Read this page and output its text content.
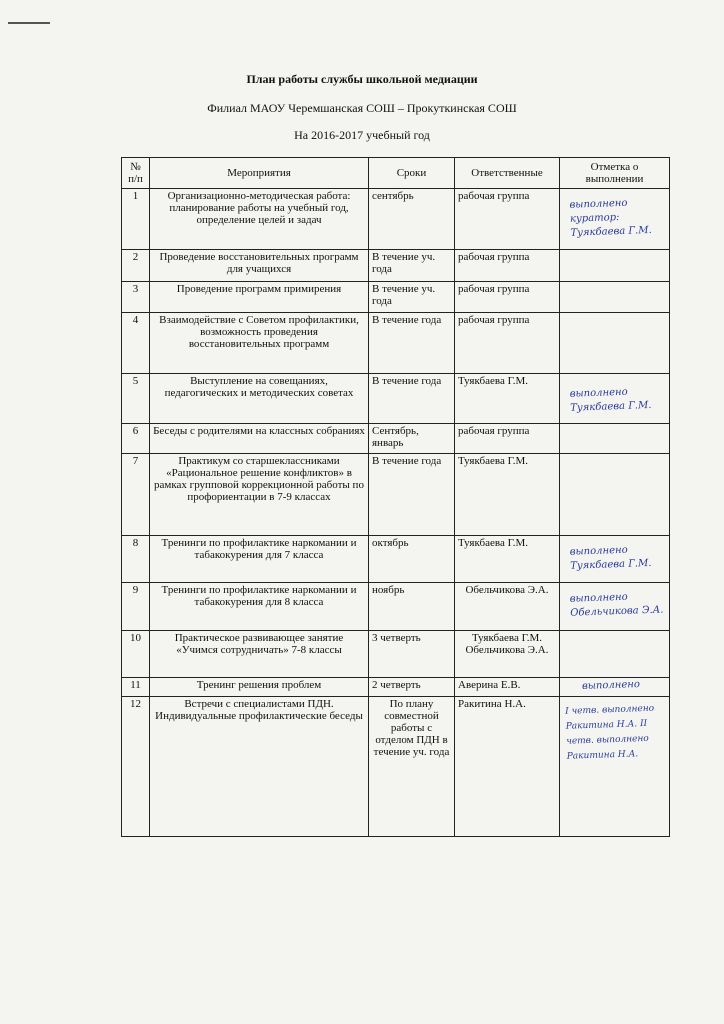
План работы службы школьной медиации
Филиал МАОУ Черемшанская СОШ – Прокуткинская СОШ
На 2016-2017 учебный год
№ п/п	Мероприятия	Сроки	Ответственные	Отметка о выполнении
1	Организационно-методическая работа: планирование работы на учебный год, определение целей и задач	сентябрь	рабочая группа	выполнено куратор: Туякбаева Г.М.

2	Проведение восстановительных программ для учащихся	В течение уч. года	рабочая группа	
3	Проведение программ примирения	В течение уч. года	рабочая группа	
4	Взаимодействие с Советом профилактики, возможность проведения восстановительных программ	В течение года	рабочая группа	
5	Выступление на совещаниях, педагогических и методических советах	В течение года	Туякбаева Г.М.	выполнено Туякбаева Г.М.

6	Беседы с родителями на классных собраниях	Сентябрь, январь	рабочая группа	
7	Практикум со старшеклассниками «Рациональное решение конфликтов» в рамках групповой коррекционной работы по профориентации в 7-9 классах	В течение года	Туякбаева Г.М.	
8	Тренинги по профилактике наркомании и табакокурения для 7 класса	октябрь	Туякбаева Г.М.	выполнено Туякбаева Г.М.

9	Тренинги по профилактике наркомании и табакокурения для 8 класса	ноябрь	Обельчикова Э.А.	выполнено Обельчикова Э.А.

10	Практическое развивающее занятие «Учимся сотрудничать» 7-8 классы	3 четверть	Туякбаева Г.М. Обельчикова Э.А.	
11	Тренинг решения проблем	2 четверть	Аверина Е.В.	выполнено

12	Встречи с специалистами ПДН. Индивидуальные профилактические беседы	По плану совместной работы с отделом ПДН в течение уч. года	Ракитина Н.А.	I четв. выполнено Ракитина Н.А. II четв. выполнено Ракитина Н.А.
